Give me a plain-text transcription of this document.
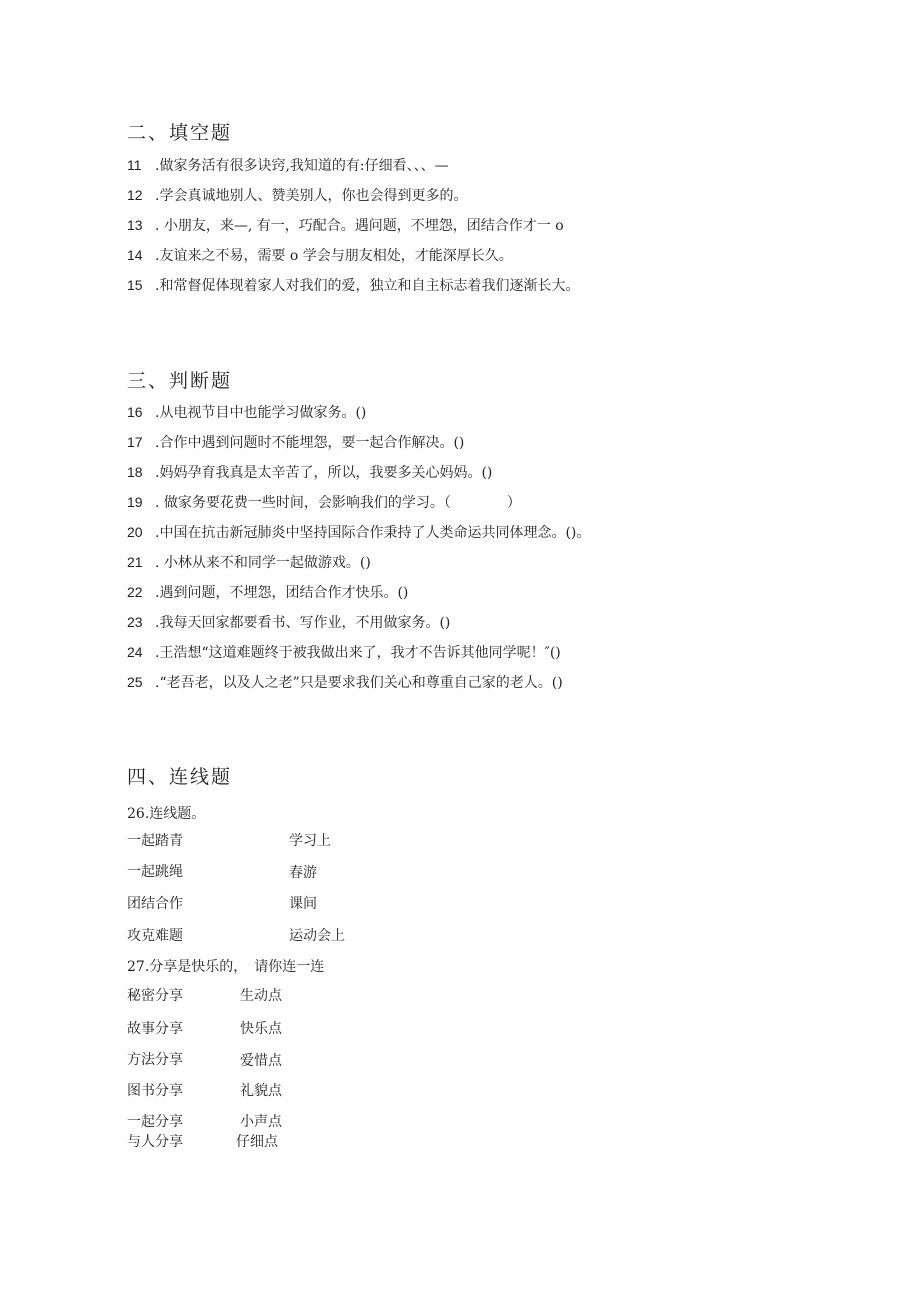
二、填空题
11 .做家务活有很多诀窍,我知道的有:仔细看、、、—
12 .学会真诚地别人、赞美别人，你也会得到更多的。
13 . 小朋友，来—, 有一，巧配合。遇问题，不埋怨，团结合作才一 o
14 .友谊来之不易，需要 o 学会与朋友相处，才能深厚长久。
15 .和常督促体现着家人对我们的爱，独立和自主标志着我们逐渐长大。
三、判断题
16 .从电视节目中也能学习做家务。()
17 .合作中遇到问题时不能埋怨，要一起合作解决。()
18 .妈妈孕育我真是太辛苦了，所以，我要多关心妈妈。()
19 . 做家务要花费一些时间，会影响我们的学习。（　　　　）
20 .中国在抗击新冠肺炎中坚持国际合作秉持了人类命运共同体理念。()。
21 . 小林从来不和同学一起做游戏。()
22 .遇到问题，不埋怨，团结合作才快乐。()
23 .我每天回家都要看书、写作业，不用做家务。()
24 .王浩想“这道难题终于被我做出来了，我才不告诉其他同学呢！″()
25 .“老吾老，以及人之老”只是要求我们关心和尊重自己家的老人。()
四、连线题
26.连线题。
一起踏青	学习上
一起跳绳	春游
团结合作	课间
攻克难题	运动会上
27.分享是快乐的，　请你连一连
秘密分享	生动点
故事分享	快乐点
方法分享	爱惜点
图书分享	礼貌点
一起分享	小声点
与人分享	仔细点
